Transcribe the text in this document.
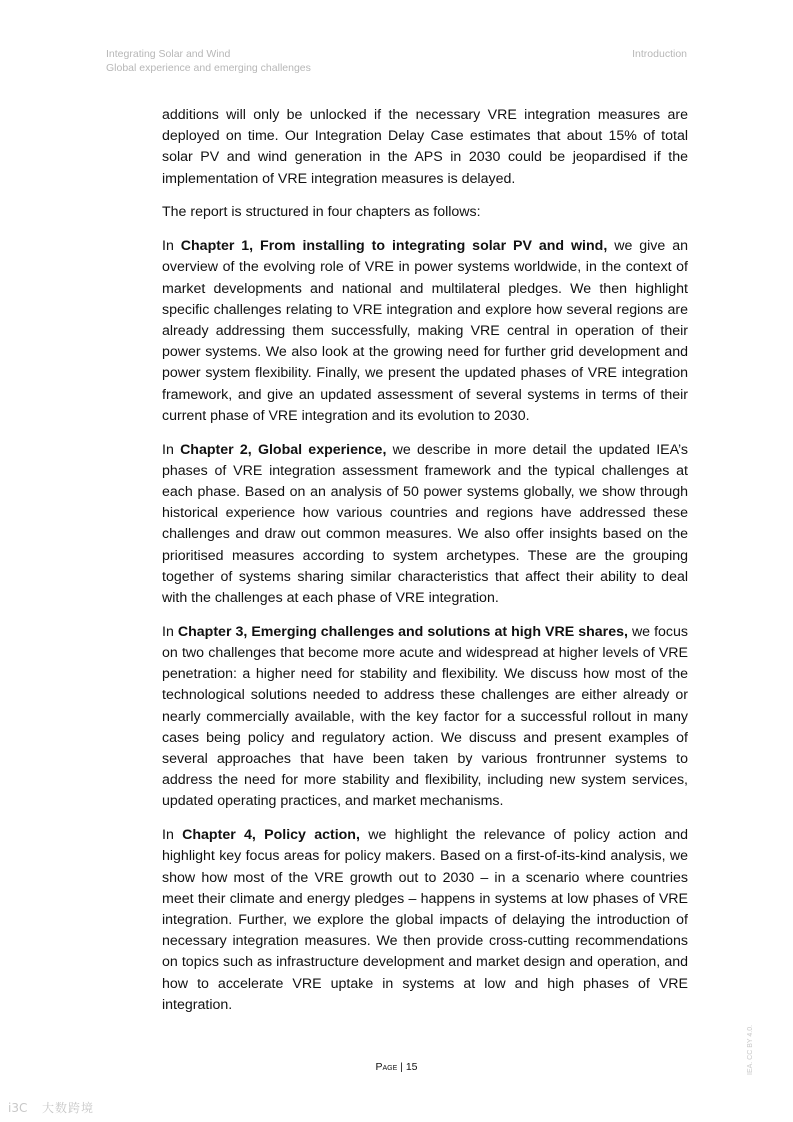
Integrating Solar and Wind
Global experience and emerging challenges
Introduction

additions will only be unlocked if the necessary VRE integration measures are deployed on time. Our Integration Delay Case estimates that about 15% of total solar PV and wind generation in the APS in 2030 could be jeopardised if the implementation of VRE integration measures is delayed.

The report is structured in four chapters as follows:

In Chapter 1, From installing to integrating solar PV and wind, we give an overview of the evolving role of VRE in power systems worldwide, in the context of market developments and national and multilateral pledges. We then highlight specific challenges relating to VRE integration and explore how several regions are already addressing them successfully, making VRE central in operation of their power systems. We also look at the growing need for further grid development and power system flexibility. Finally, we present the updated phases of VRE integration framework, and give an updated assessment of several systems in terms of their current phase of VRE integration and its evolution to 2030.

In Chapter 2, Global experience, we describe in more detail the updated IEA’s phases of VRE integration assessment framework and the typical challenges at each phase. Based on an analysis of 50 power systems globally, we show through historical experience how various countries and regions have addressed these challenges and draw out common measures. We also offer insights based on the prioritised measures according to system archetypes. These are the grouping together of systems sharing similar characteristics that affect their ability to deal with the challenges at each phase of VRE integration.

In Chapter 3, Emerging challenges and solutions at high VRE shares, we focus on two challenges that become more acute and widespread at higher levels of VRE penetration: a higher need for stability and flexibility. We discuss how most of the technological solutions needed to address these challenges are either already or nearly commercially available, with the key factor for a successful rollout in many cases being policy and regulatory action. We discuss and present examples of several approaches that have been taken by various frontrunner systems to address the need for more stability and flexibility, including new system services, updated operating practices, and market mechanisms.

In Chapter 4, Policy action, we highlight the relevance of policy action and highlight key focus areas for policy makers. Based on a first-of-its-kind analysis, we show how most of the VRE growth out to 2030 – in a scenario where countries meet their climate and energy pledges – happens in systems at low phases of VRE integration. Further, we explore the global impacts of delaying the introduction of necessary integration measures. We then provide cross-cutting recommendations on topics such as infrastructure development and market design and operation, and how to accelerate VRE uptake in systems at low and high phases of VRE integration.

Page | 15	IEA. CC BY 4.0.
i3C 大数跨境
